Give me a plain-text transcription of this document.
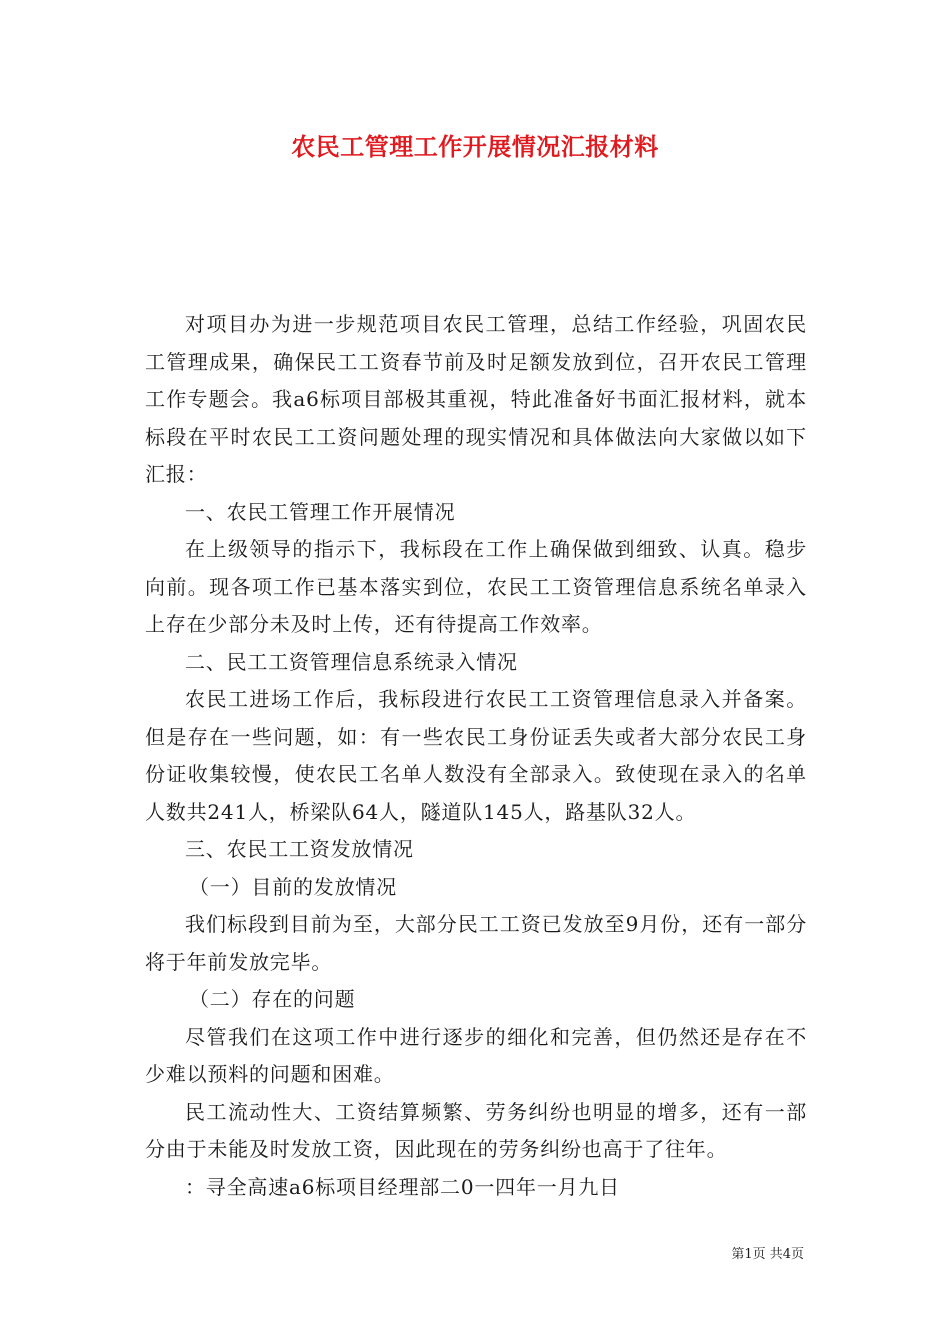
农民工管理工作开展情况汇报材料

对项目办为进一步规范项目农民工管理，总结工作经验，巩固农民工管理成果，确保民工工资春节前及时足额发放到位，召开农民工管理工作专题会。我a6标项目部极其重视，特此准备好书面汇报材料，就本标段在平时农民工工资问题处理的现实情况和具体做法向大家做以如下汇报：

一、农民工管理工作开展情况

在上级领导的指示下，我标段在工作上确保做到细致、认真。稳步向前。现各项工作已基本落实到位，农民工工资管理信息系统名单录入上存在少部分未及时上传，还有待提高工作效率。

二、民工工资管理信息系统录入情况

农民工进场工作后，我标段进行农民工工资管理信息录入并备案。但是存在一些问题，如：有一些农民工身份证丢失或者大部分农民工身份证收集较慢，使农民工名单人数没有全部录入。致使现在录入的名单人数共241人，桥梁队64人，隧道队145人，路基队32人。

三、农民工工资发放情况

（一）目前的发放情况

我们标段到目前为至，大部分民工工资已发放至9月份，还有一部分将于年前发放完毕。

（二）存在的问题

尽管我们在这项工作中进行逐步的细化和完善，但仍然还是存在不少难以预料的问题和困难。

民工流动性大、工资结算频繁、劳务纠纷也明显的增多，还有一部分由于未能及时发放工资，因此现在的劳务纠纷也高于了往年。

：寻全高速a6标项目经理部二0一四年一月九日

第1页 共4页
